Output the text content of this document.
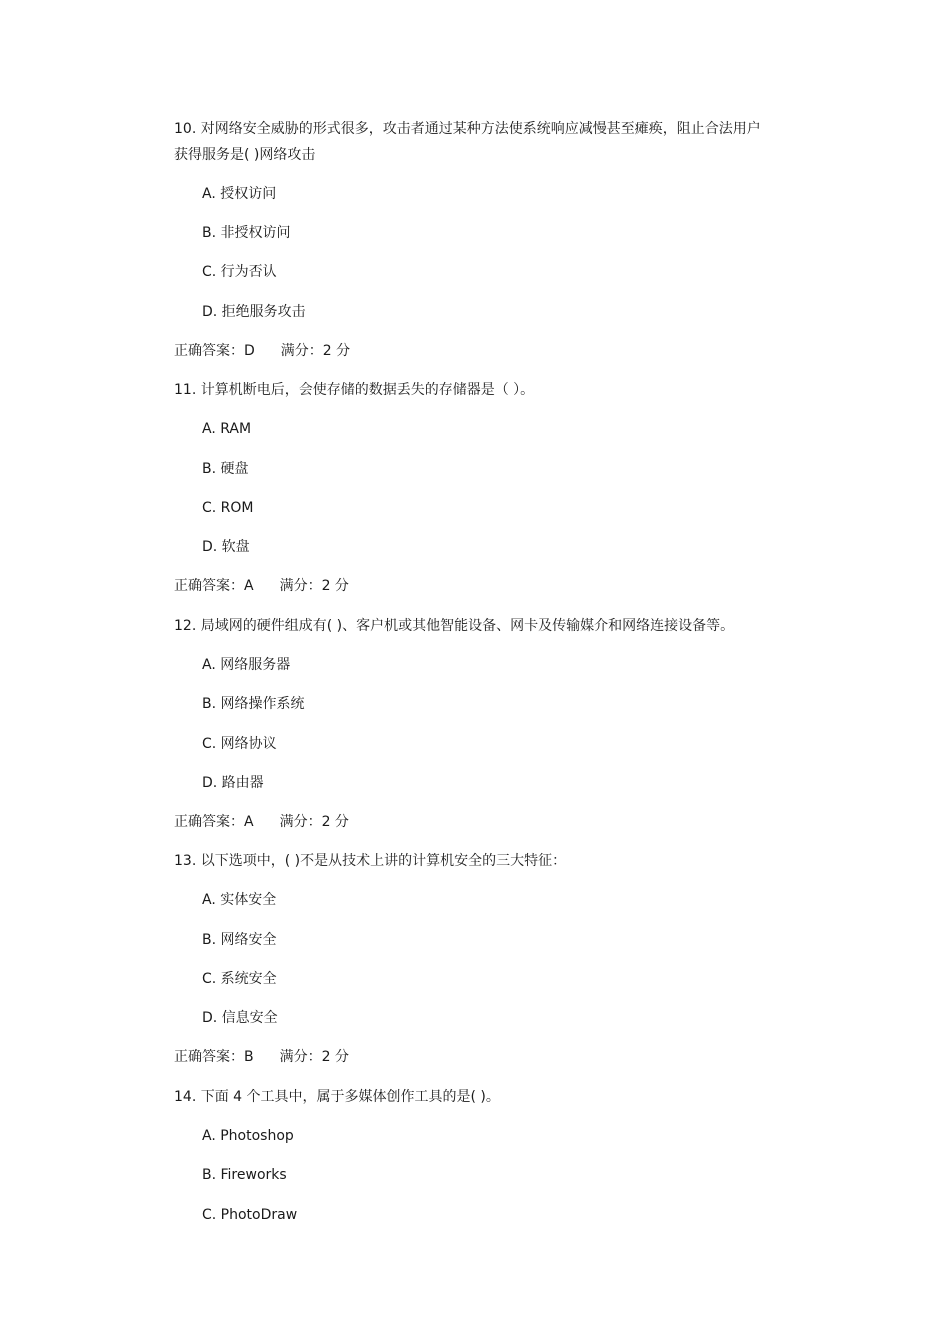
10. 对网络安全威胁的形式很多，攻击者通过某种方法使系统响应减慢甚至瘫痪，阻止合法用户
获得服务是( )网络攻击
A. 授权访问
B. 非授权访问
C. 行为否认
D. 拒绝服务攻击
正确答案：D 满分：2 分
11. 计算机断电后，会使存储的数据丢失的存储器是（ ）。
A. RAM
B. 硬盘
C. ROM
D. 软盘
正确答案：A 满分：2 分
12. 局域网的硬件组成有( )、客户机或其他智能设备、网卡及传输媒介和网络连接设备等。
A. 网络服务器
B. 网络操作系统
C. 网络协议
D. 路由器
正确答案：A 满分：2 分
13. 以下选项中，( )不是从技术上讲的计算机安全的三大特征：
A. 实体安全
B. 网络安全
C. 系统安全
D. 信息安全
正确答案：B 满分：2 分
14. 下面 4 个工具中，属于多媒体创作工具的是( )。
A. Photoshop
B. Fireworks
C. PhotoDraw
